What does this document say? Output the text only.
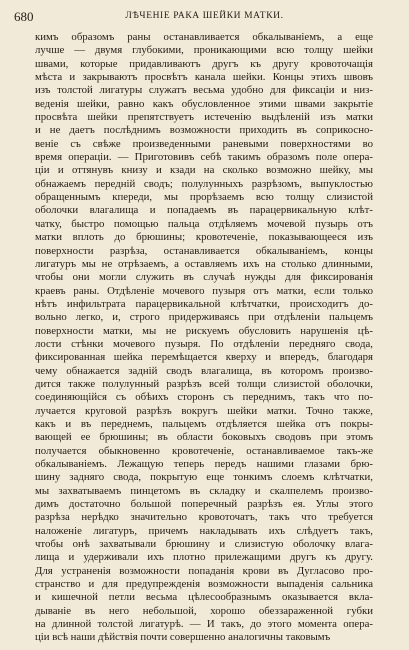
680	ЛѢЧЕНІЕ РАКА ШЕЙКИ МАТКИ.
кимъ образомъ раны останавливается обкалываніемъ, а еще
лучше — двумя глубокими, проникающими всю толщу шейки
швами, которые придавливаютъ другъ къ другу кровоточащія
мѣста и закрываютъ просвѣтъ канала шейки. Концы этихъ швовъ
изъ толстой лигатуры служатъ весьма удобно для фиксаціи и низ-
веденія шейки, равно какъ обусловленное этими швами закрытіе
просвѣта шейки препятствуетъ истеченію выдѣленій изъ матки
и не даетъ послѣднимъ возможности приходить въ соприкосно-
веніе съ свѣже произведенными раневыми поверхностями во
время операціи. — Приготовивъ себѣ такимъ образомъ поле опера-
ціи и оттянувъ книзу и кзади на сколько возможно шейку, мы
обнажаемъ передній сводъ; полулунныхъ разрѣзомъ, выпуклостью
обращеннымъ кпереди, мы прорѣзаемъ всю толщу слизистой
оболочки влагалища и попадаемъ въ парацервикальную клѣт-
чатку, быстро помощью пальца отдѣляемъ мочевой пузырь отъ
матки вплоть до брюшины; кровотеченіе, показывающееся изъ
поверхности разрѣза, останавливается обкалываніемъ, концы
лигатуръ мы не отрѣзаемъ, а оставляемъ ихъ на столько длинными,
чтобы они могли служить въ случаѣ нужды для фиксированія
краевъ раны. Отдѣленіе мочевого пузыря отъ матки, если только
нѣтъ инфильтрата парацервикальной клѣтчатки, происходитъ до-
вольно легко, и, строго придерживаясь при отдѣленіи пальцемъ
поверхности матки, мы не рискуемъ обусловить нарушенія цѣ-
лости стѣнки мочевого пузыря. По отдѣленіи передняго свода,
фиксированная шейка перемѣщается кверху и впередъ, благодаря
чему обнажается задній сводъ влагалища, въ которомъ произво-
дится также полулунный разрѣзъ всей толщи слизистой оболочки,
соединяющійся съ обѣихъ сторонъ съ переднимъ, такъ что по-
лучается круговой разрѣзъ вокругъ шейки матки. Точно также,
какъ и въ переднемъ, пальцемъ отдѣляется шейка отъ покры-
вающей ее брюшины; въ области боковыхъ сводовъ при этомъ
получается обыкновенно кровотеченіе, останавливаемое такъ-же
обкалываніемъ. Лежащую теперь передъ нашими глазами брю-
шину задняго свода, покрытую еще тонкимъ слоемъ клѣтчатки,
мы захватываемъ пинцетомъ въ складку и скалпелемъ произво-
димъ достаточно большой поперечный разрѣзъ ея. Углы этого
разрѣза нерѣдко значительно кровоточатъ, такъ что требуется
наложеніе лигатуръ, причемъ накладывать ихъ слѣдуетъ такъ,
чтобы онѣ захватывали брюшину и слизистую оболочку влага-
лища и удерживали ихъ плотно прилежащими другъ къ другу.
Для устраненія возможности попаданія крови въ Дугласово про-
странство и для предупрежденія возможности выпаденія сальника
и кишечной петли весьма цѣлесообразнымъ оказывается вкла-
дываніе въ него небольшой, хорошо обеззараженной губки
на длинной толстой лигатурѣ. — И такъ, до этого момента опера-
ціи всѣ наши дѣйствія почти совершенно аналогичны таковымъ
